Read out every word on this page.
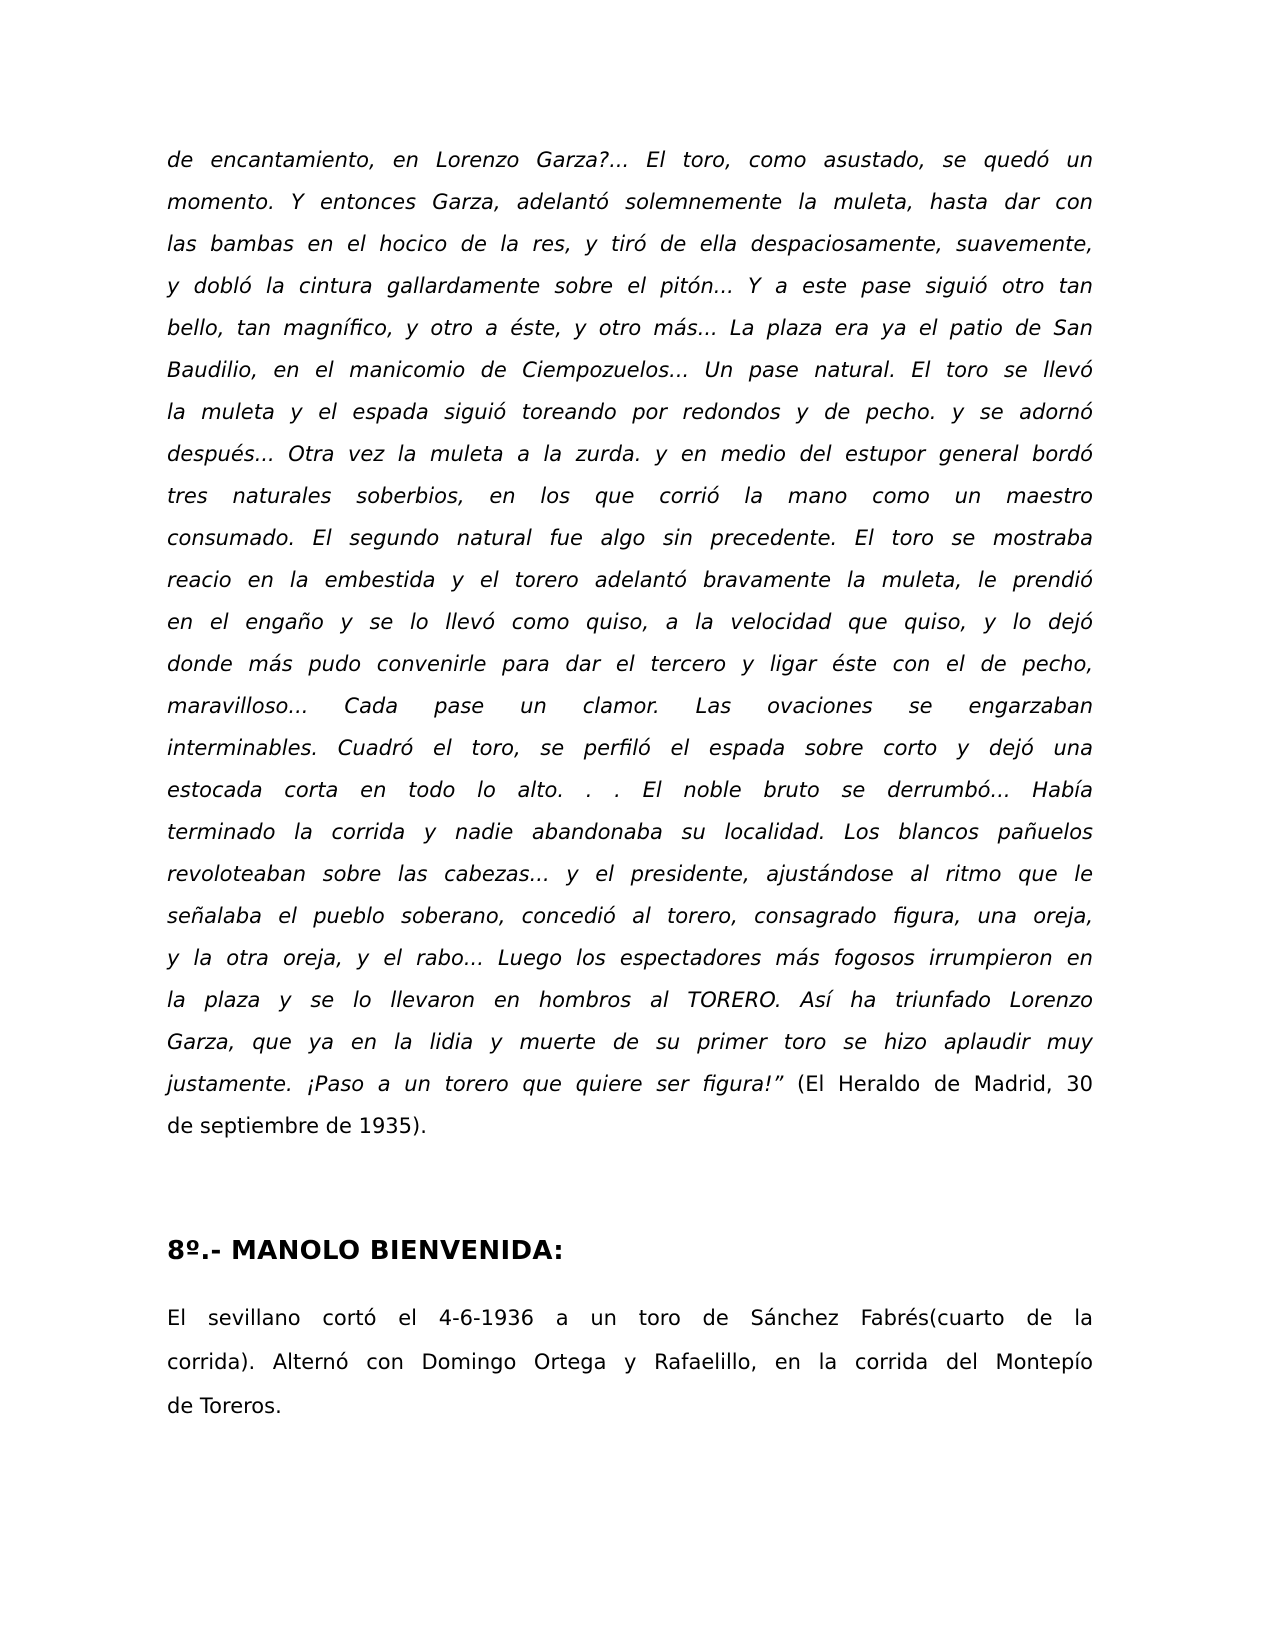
de encantamiento, en Lorenzo Garza?... El toro, como asustado, se quedó un
momento. Y entonces Garza, adelantó solemnemente la muleta, hasta dar con
las bambas en el hocico de la res, y tiró de ella despaciosamente, suavemente,
y dobló la cintura gallardamente sobre el pitón... Y a este pase siguió otro tan
bello, tan magnífico, y otro a éste, y otro más... La plaza era ya el patio de San
Baudilio, en el manicomio de Ciempozuelos... Un pase natural. El toro se llevó
la muleta y el espada siguió toreando por redondos y de pecho. y se adornó
después... Otra vez la muleta a la zurda. y en medio del estupor general bordó
tres naturales soberbios, en los que corrió la mano como un maestro
consumado. El segundo natural fue algo sin precedente. El toro se mostraba
reacio en la embestida y el torero adelantó bravamente la muleta, le prendió
en el engaño y se lo llevó como quiso, a la velocidad que quiso, y lo dejó
donde más pudo convenirle para dar el tercero y ligar éste con el de pecho,
maravilloso... Cada pase un clamor. Las ovaciones se engarzaban
interminables. Cuadró el toro, se perfiló el espada sobre corto y dejó una
estocada corta en todo lo alto. . . El noble bruto se derrumbó... Había
terminado la corrida y nadie abandonaba su localidad. Los blancos pañuelos
revoloteaban sobre las cabezas... y el presidente, ajustándose al ritmo que le
señalaba el pueblo soberano, concedió al torero, consagrado figura, una oreja,
y la otra oreja, y el rabo... Luego los espectadores más fogosos irrumpieron en
la plaza y se lo llevaron en hombros al TORERO. Así ha triunfado Lorenzo
Garza, que ya en la lidia y muerte de su primer toro se hizo aplaudir muy
justamente. ¡Paso a un torero que quiere ser figura!” (El Heraldo de Madrid, 30
de septiembre de 1935).
8º.- MANOLO BIENVENIDA:
El sevillano cortó el 4-6-1936 a un toro de Sánchez Fabrés(cuarto de la
corrida). Alternó con Domingo Ortega y Rafaelillo, en la corrida del Montepío
de Toreros.
